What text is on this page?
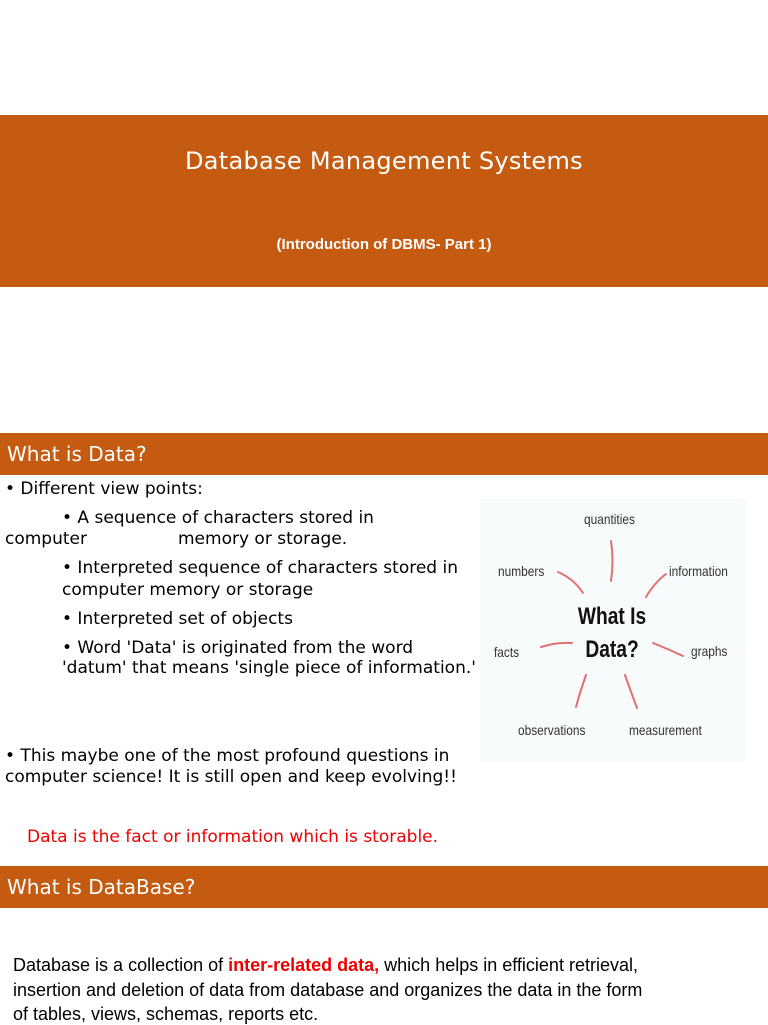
Database Management Systems
(Introduction of DBMS- Part 1)
What is Data?
• Different view points:
• A sequence of characters stored in
computer	memory or storage.
• Interpreted sequence of characters stored in
computer memory or storage
• Interpreted set of objects
• Word 'Data' is originated from the word
'datum' that means 'single piece of information.'
• This maybe one of the most profound questions in
computer science! It is still open and keep evolving!!
Data is the fact or information which is storable.
quantities
numbers	information
facts	graphs
observations	measurement
What Is
Data?
What is DataBase?
Database is a collection of inter-related data, which helps in efficient retrieval,
insertion and deletion of data from database and organizes the data in the form
of tables, views, schemas, reports etc.
